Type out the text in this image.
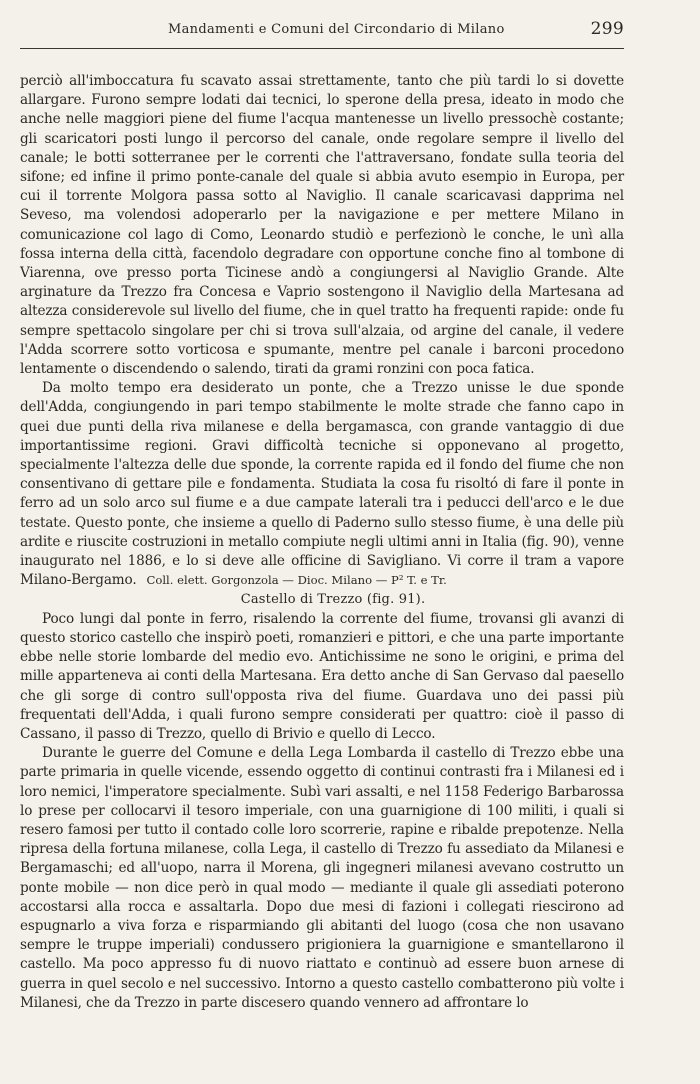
Mandamenti e Comuni del Circondario di Milano	299

perciò all'imboccatura fu scavato assai strettamente, tanto che più tardi lo si dovette allargare. Furono sempre lodati dai tecnici, lo sperone della presa, ideato in modo che anche nelle maggiori piene del fiume l'acqua mantenesse un livello pressochè costante; gli scaricatori posti lungo il percorso del canale, onde regolare sempre il livello del canale; le botti sotterranee per le correnti che l'attraversano, fondate sulla teoria del sifone; ed infine il primo ponte-canale del quale si abbia avuto esempio in Europa, per cui il torrente Molgora passa sotto al Naviglio. Il canale scaricavasi dapprima nel Seveso, ma volendosi adoperarlo per la navigazione e per mettere Milano in comunicazione col lago di Como, Leonardo studiò e perfezionò le conche, le unì alla fossa interna della città, facendolo degradare con opportune conche fino al tombone di Viarenna, ove presso porta Ticinese andò a congiungersi al Naviglio Grande. Alte arginature da Trezzo fra Concesa e Vaprio sostengono il Naviglio della Martesana ad altezza considerevole sul livello del fiume, che in quel tratto ha frequenti rapide: onde fu sempre spettacolo singolare per chi si trova sull'alzaia, od argine del canale, il vedere l'Adda scorrere sotto vorticosa e spumante, mentre pel canale i barconi procedono lentamente o discendendo o salendo, tirati da grami ronzini con poca fatica.

Da molto tempo era desiderato un ponte, che a Trezzo unisse le due sponde dell'Adda, congiungendo in pari tempo stabilmente le molte strade che fanno capo in quei due punti della riva milanese e della bergamasca, con grande vantaggio di due importantissime regioni. Gravi difficoltà tecniche si opponevano al progetto, specialmente l'altezza delle due sponde, la corrente rapida ed il fondo del fiume che non consentivano di gettare pile e fondamenta. Studiata la cosa fu risoltó di fare il ponte in ferro ad un solo arco sul fiume e a due campate laterali tra i peducci dell'arco e le due testate. Questo ponte, che insieme a quello di Paderno sullo stesso fiume, è una delle più ardite e riuscite costruzioni in metallo compiute negli ultimi anni in Italia (fig. 90), venne inaugurato nel 1886, e lo si deve alle officine di Savigliano. Vi corre il tram a vapore Milano-Bergamo. Coll. elett. Gorgonzola — Dioc. Milano — P² T. e Tr.

Castello di Trezzo (fig. 91).

Poco lungi dal ponte in ferro, risalendo la corrente del fiume, trovansi gli avanzi di questo storico castello che inspirò poeti, romanzieri e pittori, e che una parte importante ebbe nelle storie lombarde del medio evo. Antichissime ne sono le origini, e prima del mille apparteneva ai conti della Martesana. Era detto anche di San Gervaso dal paesello che gli sorge di contro sull'opposta riva del fiume. Guardava uno dei passi più frequentati dell'Adda, i quali furono sempre considerati per quattro: cioè il passo di Cassano, il passo di Trezzo, quello di Brivio e quello di Lecco.

Durante le guerre del Comune e della Lega Lombarda il castello di Trezzo ebbe una parte primaria in quelle vicende, essendo oggetto di continui contrasti fra i Milanesi ed i loro nemici, l'imperatore specialmente. Subì vari assalti, e nel 1158 Federigo Barbarossa lo prese per collocarvi il tesoro imperiale, con una guarnigione di 100 militi, i quali si resero famosi per tutto il contado colle loro scorrerie, rapine e ribalde prepotenze. Nella ripresa della fortuna milanese, colla Lega, il castello di Trezzo fu assediato da Milanesi e Bergamaschi; ed all'uopo, narra il Morena, gli ingegneri milanesi avevano costrutto un ponte mobile — non dice però in qual modo — mediante il quale gli assediati poterono accostarsi alla rocca e assaltarla. Dopo due mesi di fazioni i collegati riescirono ad espugnarlo a viva forza e risparmiando gli abitanti del luogo (cosa che non usavano sempre le truppe imperiali) condussero prigioniera la guarnigione e smantellarono il castello. Ma poco appresso fu di nuovo riattato e continuò ad essere buon arnese di guerra in quel secolo e nel successivo. Intorno a questo castello combatterono più volte i Milanesi, che da Trezzo in parte discesero quando vennero ad affrontare lo
